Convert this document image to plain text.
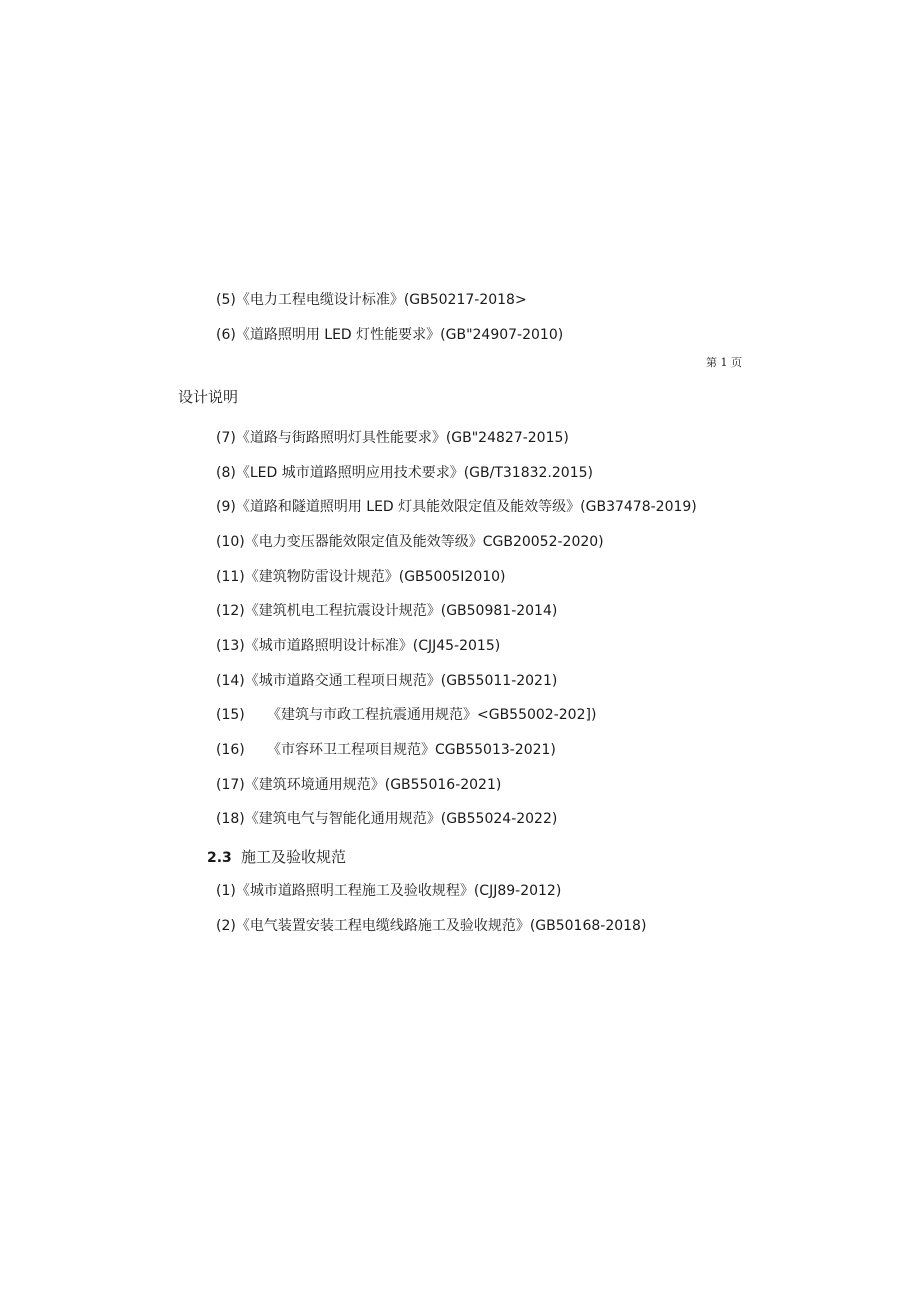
(5)《电力工程电缆设计标准》(GB50217-2018>
(6)《道路照明用 LED 灯性能要求》(GB"24907-2010)
第 1 页
设计说明
(7)《道路与街路照明灯具性能要求》(GB"24827-2015)
(8)《LED 城市道路照明应用技术要求》(GB/T31832.2015)
(9)《道路和隧道照明用 LED 灯具能效限定值及能效等级》(GB37478-2019)
(10)《电力变压器能效限定值及能效等级》CGB20052-2020)
(11)《建筑物防雷设计规范》(GB5005I2010)
(12)《建筑机电工程抗震设计规范》(GB50981-2014)
(13)《城市道路照明设计标准》(CJJ45-2015)
(14)《城市道路交通工程项日规范》(GB55011-2021)
(15)     《建筑与市政工程抗震通用规范》<GB55002-202])
(16)     《市容环卫工程项目规范》CGB55013-2021)
(17)《建筑环境通用规范》(GB55016-2021)
(18)《建筑电气与智能化通用规范》(GB55024-2022)
2.3 施工及验收规范
(1)《城市道路照明工程施工及验收规程》(CJJ89-2012)
(2)《电气装置安装工程电缆线路施工及验收规范》(GB50168-2018)
